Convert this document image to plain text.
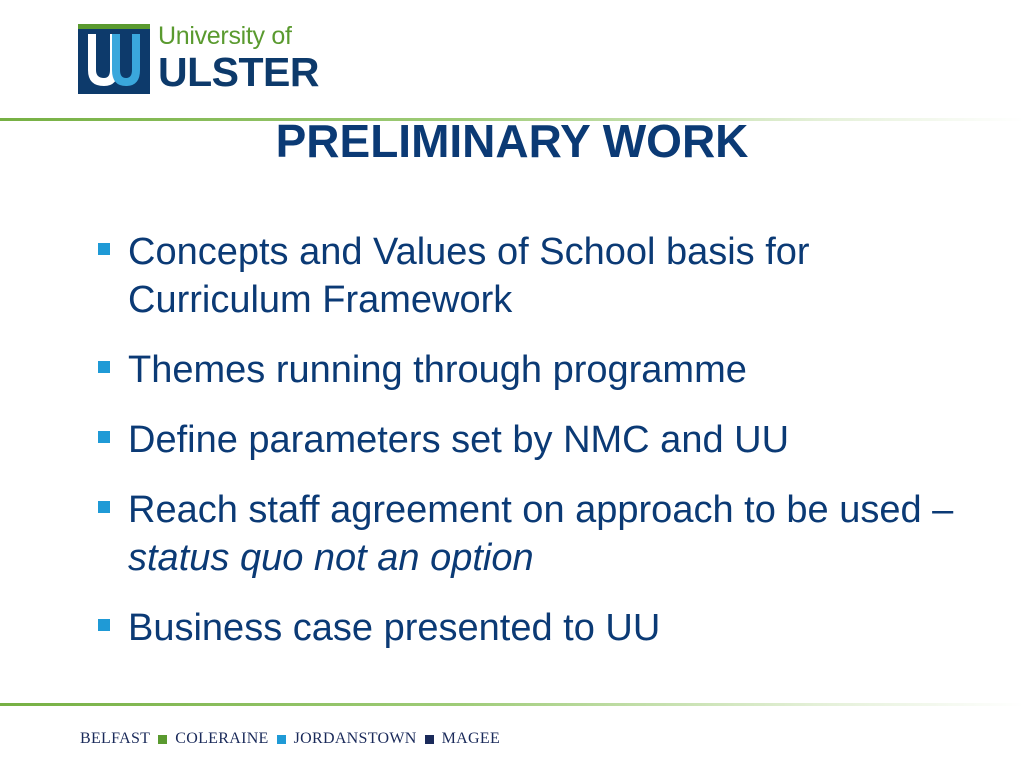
University of
ULSTER
PRELIMINARY WORK
Concepts and Values of School basis for Curriculum Framework
Themes running through programme
Define parameters set by NMC and UU
Reach staff agreement on approach to be used – status quo not an option
Business case presented to UU
BELFAST COLERAINE JORDANSTOWN MAGEE
